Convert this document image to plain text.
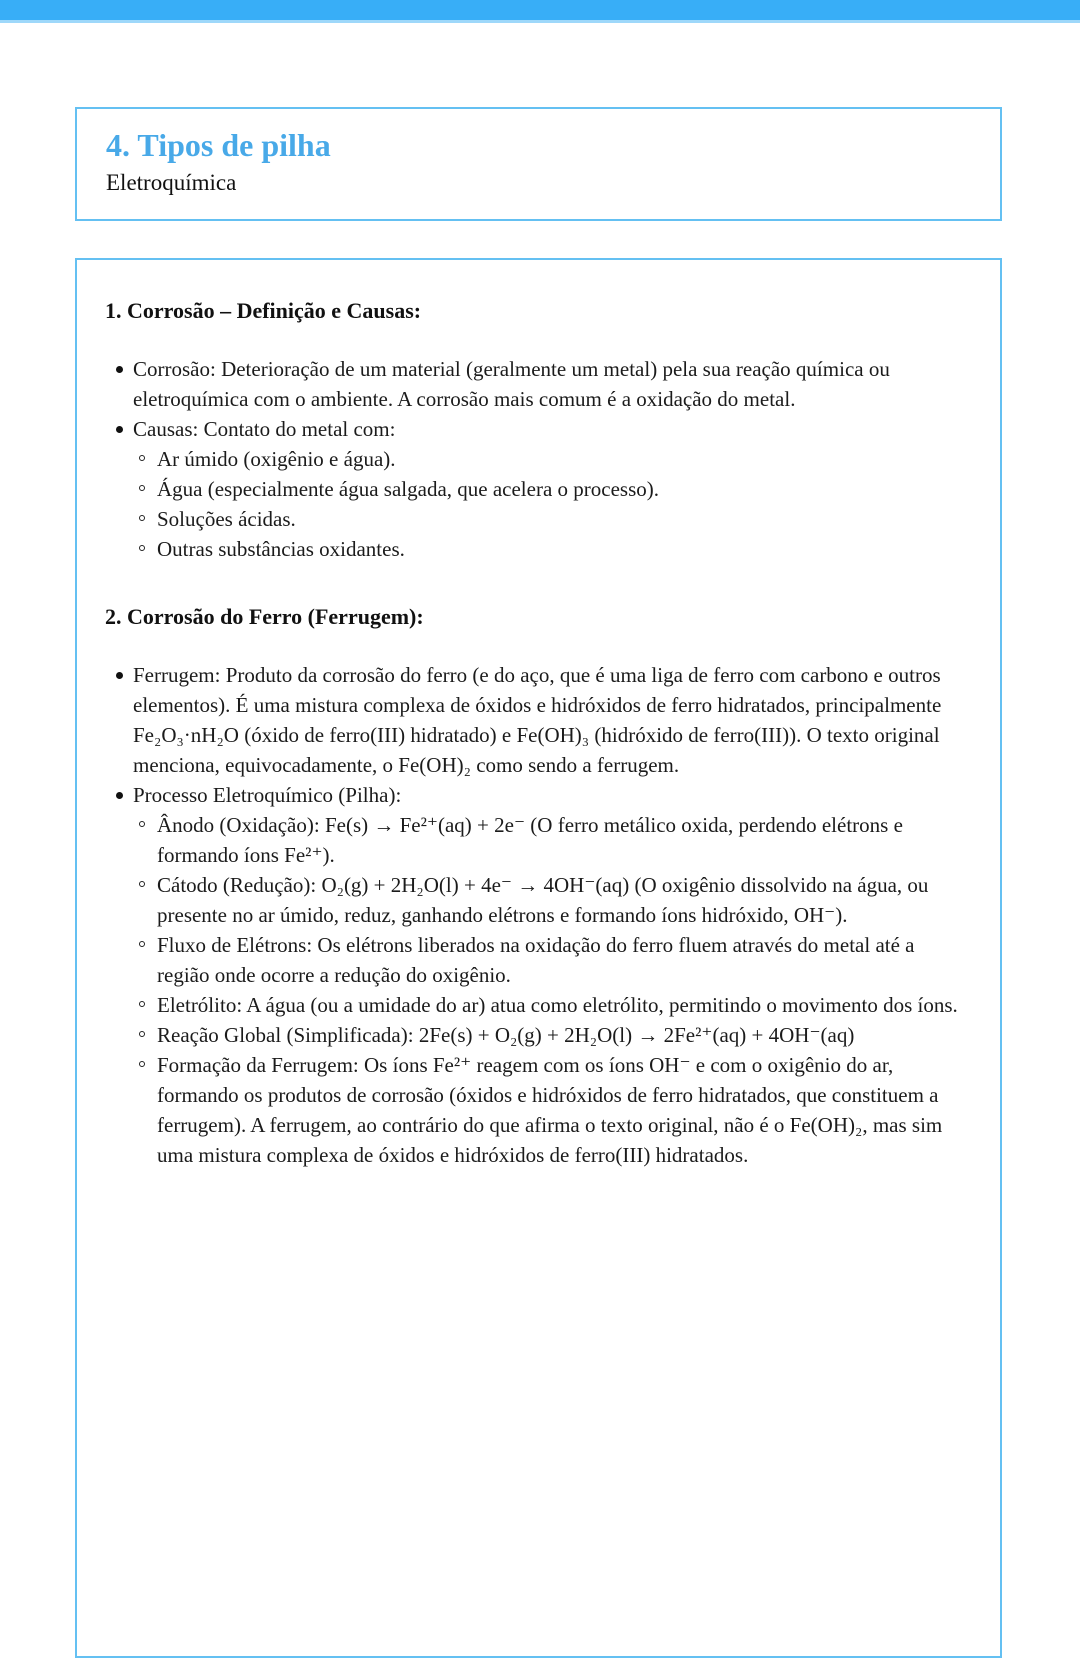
4. Tipos de pilha
Eletroquímica
1. Corrosão – Definição e Causas:
Corrosão: Deterioração de um material (geralmente um metal) pela sua reação química ou eletroquímica com o ambiente. A corrosão mais comum é a oxidação do metal.
Causas: Contato do metal com:
Ar úmido (oxigênio e água).
Água (especialmente água salgada, que acelera o processo).
Soluções ácidas.
Outras substâncias oxidantes.
2. Corrosão do Ferro (Ferrugem):
Ferrugem: Produto da corrosão do ferro (e do aço, que é uma liga de ferro com carbono e outros elementos). É uma mistura complexa de óxidos e hidróxidos de ferro hidratados, principalmente Fe₂O₃·nH₂O (óxido de ferro(III) hidratado) e Fe(OH)₃ (hidróxido de ferro(III)). O texto original menciona, equivocadamente, o Fe(OH)₂ como sendo a ferrugem.
Processo Eletroquímico (Pilha):
Ânodo (Oxidação): Fe(s) → Fe²⁺(aq) + 2e⁻ (O ferro metálico oxida, perdendo elétrons e formando íons Fe²⁺).
Cátodo (Redução): O₂(g) + 2H₂O(l) + 4e⁻ → 4OH⁻(aq) (O oxigênio dissolvido na água, ou presente no ar úmido, reduz, ganhando elétrons e formando íons hidróxido, OH⁻).
Fluxo de Elétrons: Os elétrons liberados na oxidação do ferro fluem através do metal até a região onde ocorre a redução do oxigênio.
Eletrólito: A água (ou a umidade do ar) atua como eletrólito, permitindo o movimento dos íons.
Reação Global (Simplificada): 2Fe(s) + O₂(g) + 2H₂O(l) → 2Fe²⁺(aq) + 4OH⁻(aq)
Formação da Ferrugem: Os íons Fe²⁺ reagem com os íons OH⁻ e com o oxigênio do ar, formando os produtos de corrosão (óxidos e hidróxidos de ferro hidratados, que constituem a ferrugem). A ferrugem, ao contrário do que afirma o texto original, não é o Fe(OH)₂, mas sim uma mistura complexa de óxidos e hidróxidos de ferro(III) hidratados.
